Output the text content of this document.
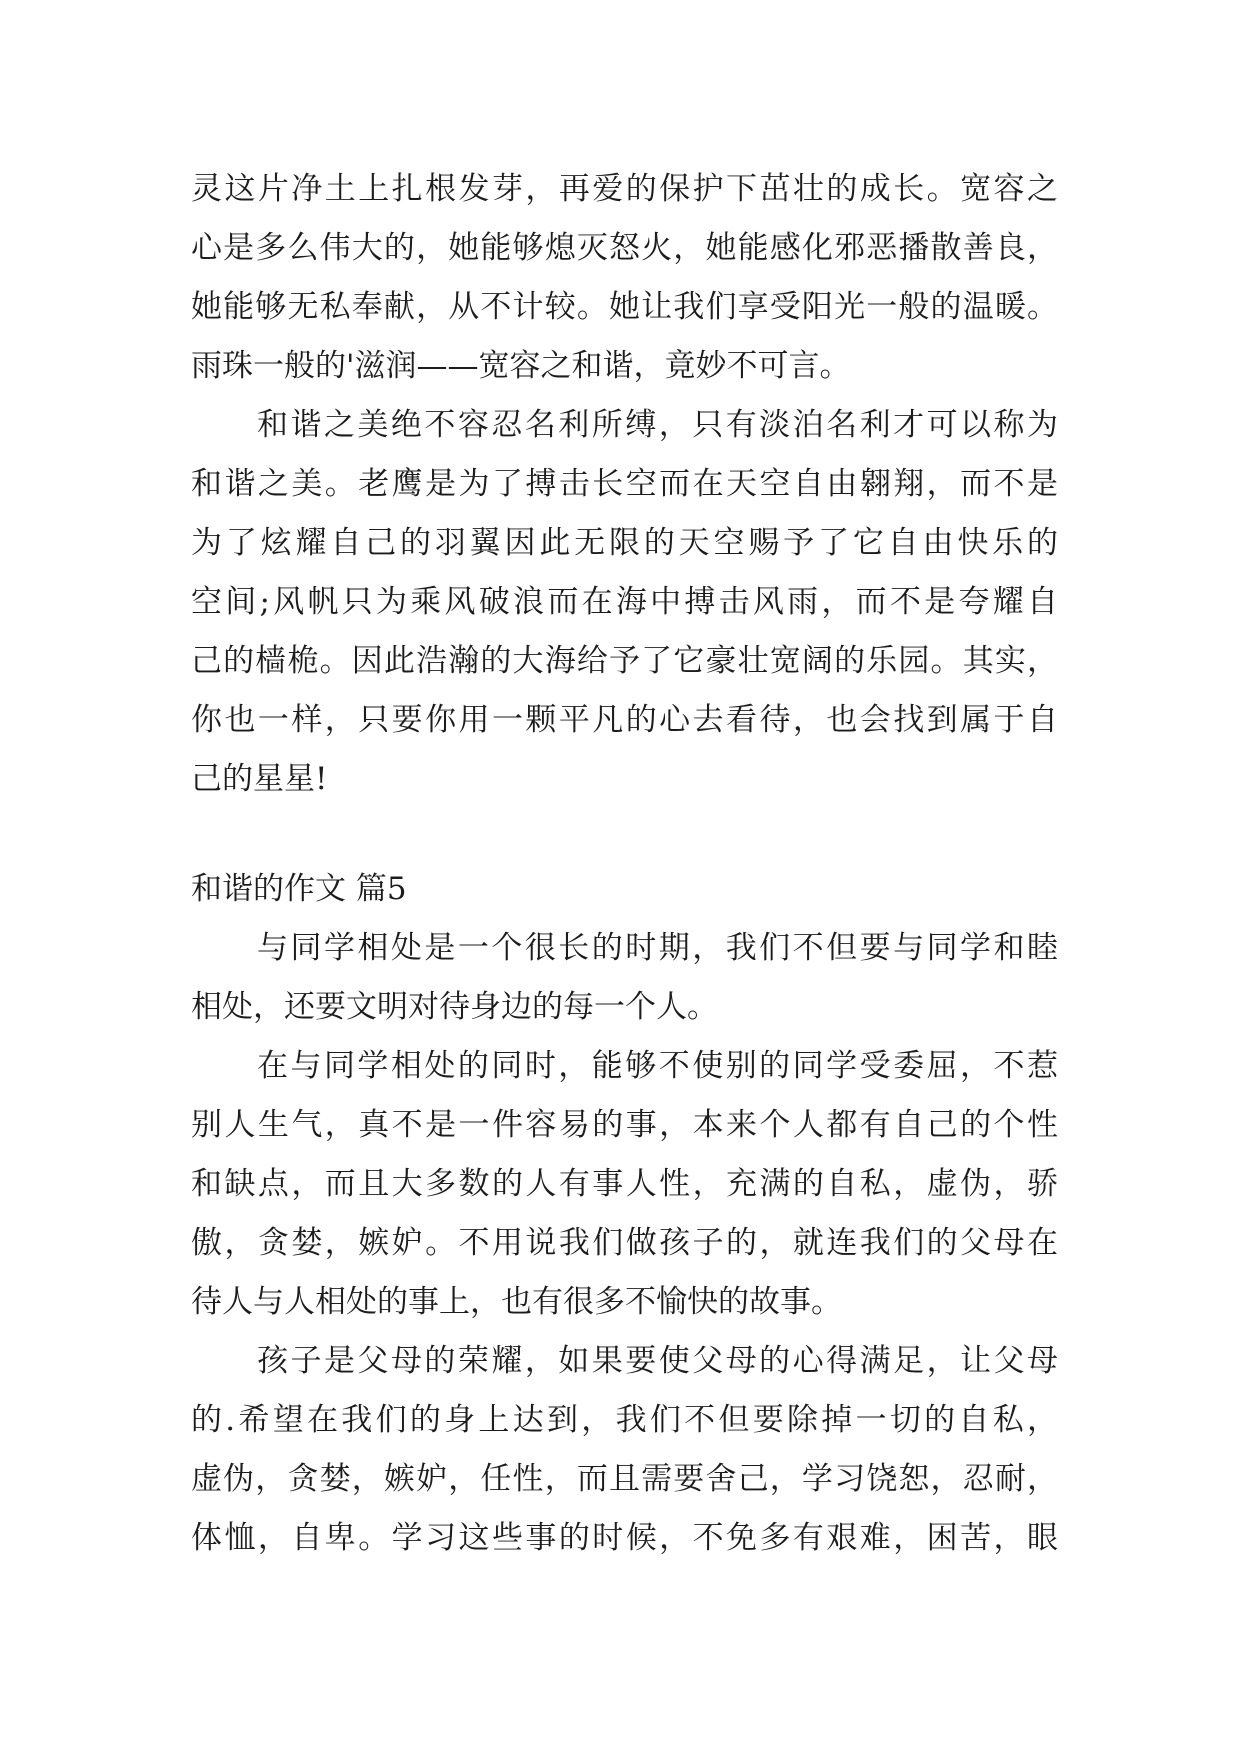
灵这片净土上扎根发芽，再爱的保护下茁壮的成长。宽容之
心是多么伟大的，她能够熄灭怒火，她能感化邪恶播散善良，
她能够无私奉献，从不计较。她让我们享受阳光一般的温暖。
雨珠一般的'滋润——宽容之和谐，竟妙不可言。
和谐之美绝不容忍名利所缚，只有淡泊名利才可以称为
和谐之美。老鹰是为了搏击长空而在天空自由翱翔，而不是
为了炫耀自己的羽翼因此无限的天空赐予了它自由快乐的
空间;风帆只为乘风破浪而在海中搏击风雨，而不是夸耀自
己的樯桅。因此浩瀚的大海给予了它豪壮宽阔的乐园。其实，
你也一样，只要你用一颗平凡的心去看待，也会找到属于自
己的星星!
和谐的作文 篇5
与同学相处是一个很长的时期，我们不但要与同学和睦
相处，还要文明对待身边的每一个人。
在与同学相处的同时，能够不使别的同学受委屈，不惹
别人生气，真不是一件容易的事，本来个人都有自己的个性
和缺点，而且大多数的人有事人性，充满的自私，虚伪，骄
傲，贪婪，嫉妒。不用说我们做孩子的，就连我们的父母在
待人与人相处的事上，也有很多不愉快的故事。
孩子是父母的荣耀，如果要使父母的心得满足，让父母
的.希望在我们的身上达到，我们不但要除掉一切的自私，
虚伪，贪婪，嫉妒，任性，而且需要舍己，学习饶恕，忍耐，
体恤，自卑。学习这些事的时候，不免多有艰难，困苦，眼
